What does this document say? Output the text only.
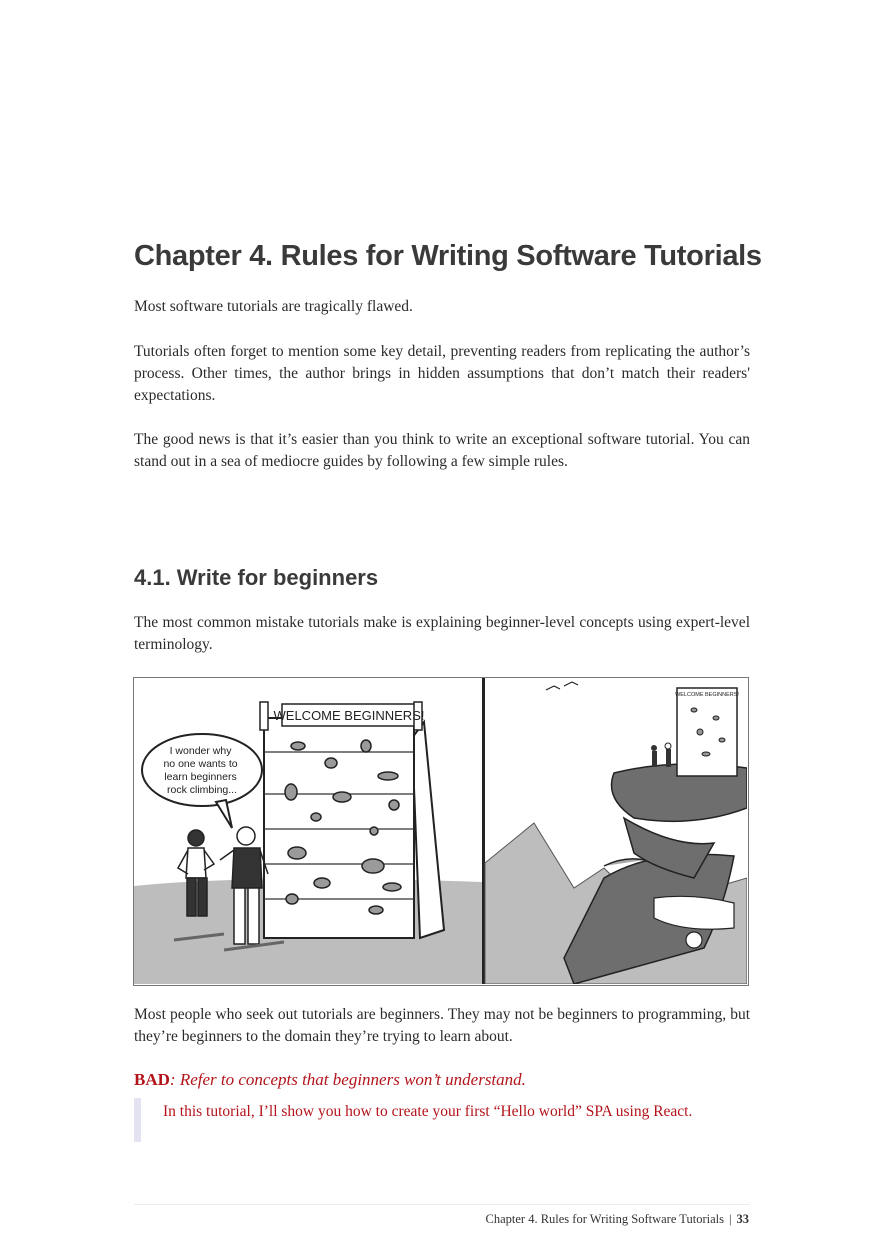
Chapter 4. Rules for Writing Software Tutorials

Most software tutorials are tragically flawed.

Tutorials often forget to mention some key detail, preventing readers from replicating the author’s process. Other times, the author brings in hidden assumptions that don’t match their readers' expectations.

The good news is that it’s easier than you think to write an exceptional software tutorial. You can stand out in a sea of mediocre guides by following a few simple rules.

4.1. Write for beginners

The most common mistake tutorials make is explaining beginner-level concepts using expert-level terminology.

WELCOME BEGINNERS!
I wonder why no one wants to learn beginners rock climbing...
WELCOME BEGINNERS!

Most people who seek out tutorials are beginners. They may not be beginners to programming, but they’re beginners to the domain they’re trying to learn about.

BAD: Refer to concepts that beginners won’t understand.
In this tutorial, I’ll show you how to create your first “Hello world” SPA using React.
Chapter 4. Rules for Writing Software Tutorials | 33
